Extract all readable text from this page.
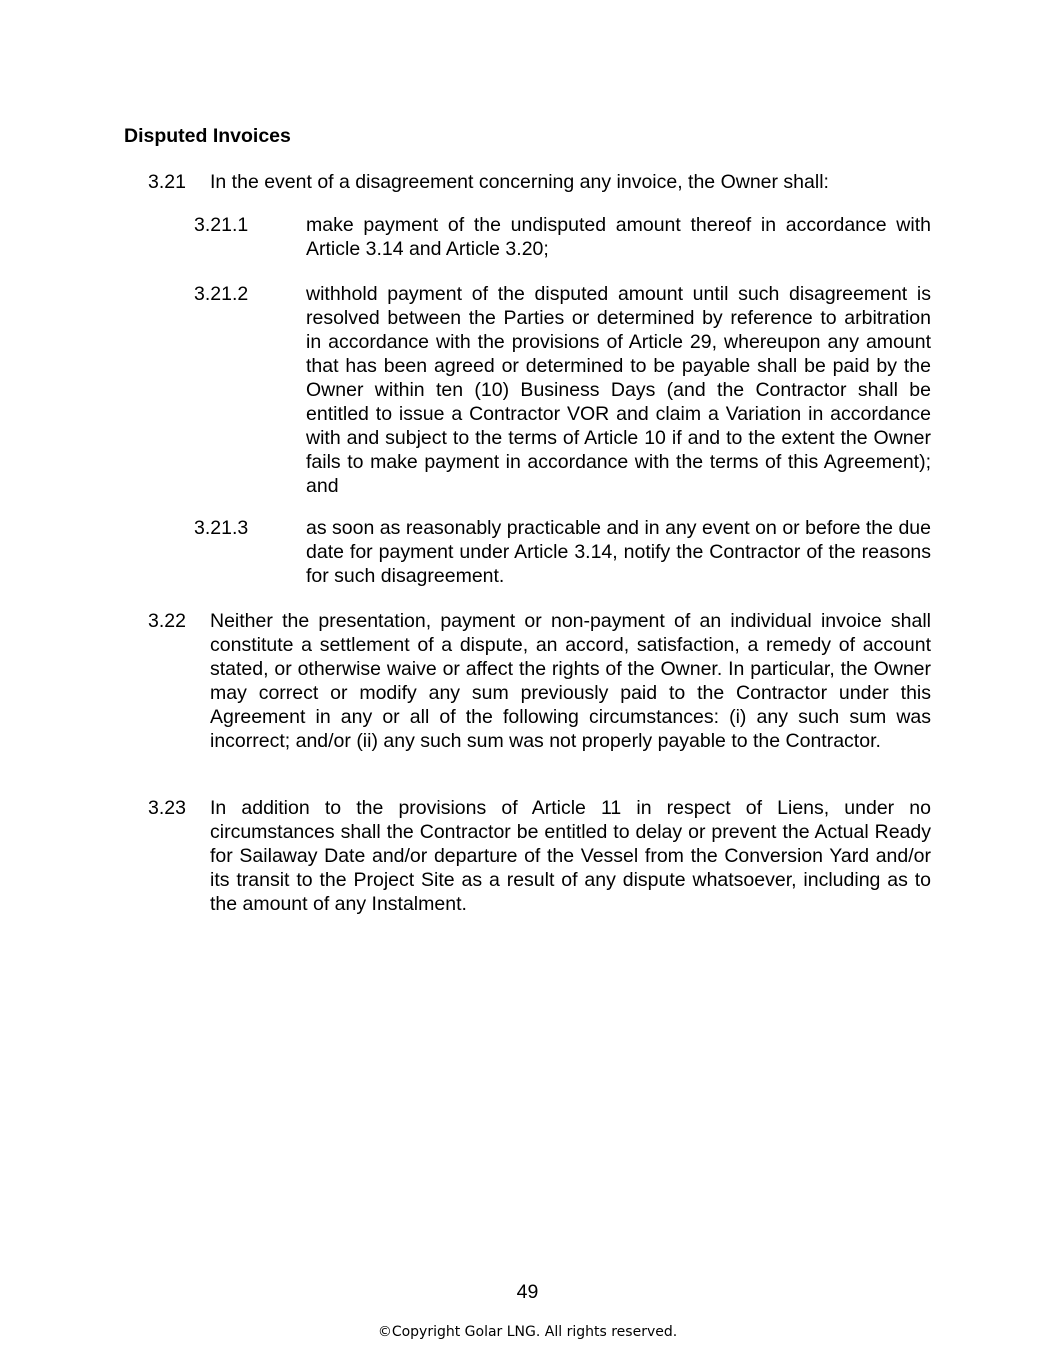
Disputed Invoices
3.21 In the event of a disagreement concerning any invoice, the Owner shall:
3.21.1	make payment of the undisputed amount thereof in accordance with Article 3.14 and Article 3.20;
3.21.2	withhold payment of the disputed amount until such disagreement is resolved between the Parties or determined by reference to arbitration in accordance with the provisions of Article 29, whereupon any amount that has been agreed or determined to be payable shall be paid by the Owner within ten (10) Business Days (and the Contractor shall be entitled to issue a Contractor VOR and claim a Variation in accordance with and subject to the terms of Article 10 if and to the extent the Owner fails to make payment in accordance with the terms of this Agreement); and
3.21.3	as soon as reasonably practicable and in any event on or before the due date for payment under Article 3.14, notify the Contractor of the reasons for such disagreement.
3.22 Neither the presentation, payment or non-payment of an individual invoice shall constitute a settlement of a dispute, an accord, satisfaction, a remedy of account stated, or otherwise waive or affect the rights of the Owner. In particular, the Owner may correct or modify any sum previously paid to the Contractor under this Agreement in any or all of the following circumstances: (i) any such sum was incorrect; and/or (ii) any such sum was not properly payable to the Contractor.
3.23 In addition to the provisions of Article 11 in respect of Liens, under no circumstances shall the Contractor be entitled to delay or prevent the Actual Ready for Sailaway Date and/or departure of the Vessel from the Conversion Yard and/or its transit to the Project Site as a result of any dispute whatsoever, including as to the amount of any Instalment.
49
©Copyright Golar LNG. All rights reserved.
